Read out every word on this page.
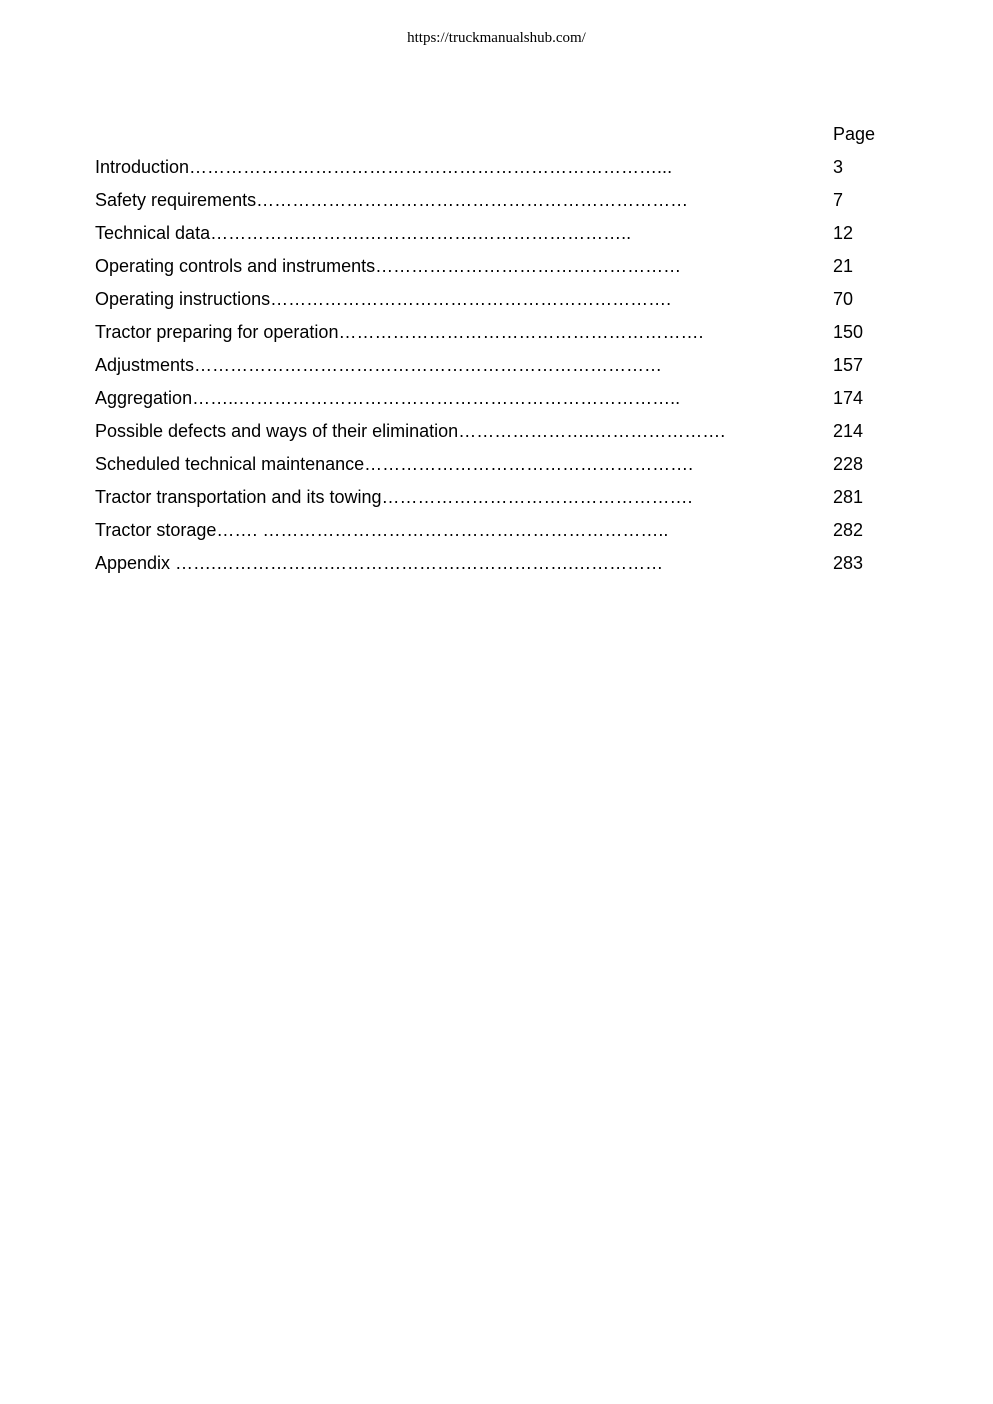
https://truckmanualshub.com/
Page
Introduction……………………………………………………………………...	3
Safety requirements………………………………………………………………	7
Technical data…………….……….……………….……………………..	12
Operating controls and instruments……………………………………………	21
Operating instructions………………………………………………………….	70
Tractor preparing for operation…………………………………………………….	150
Adjustments……………………………………………………………………	157
Aggregation……..………………………………………………………………..	174
Possible defects and ways of their elimination…………………..………………….	214
Scheduled technical maintenance……………………………………………….	228
Tractor transportation and its towing…………………………………………….	281
Tractor storage……. …………………………………………………………..	282
Appendix …….……………….………………….……………….……………	283
